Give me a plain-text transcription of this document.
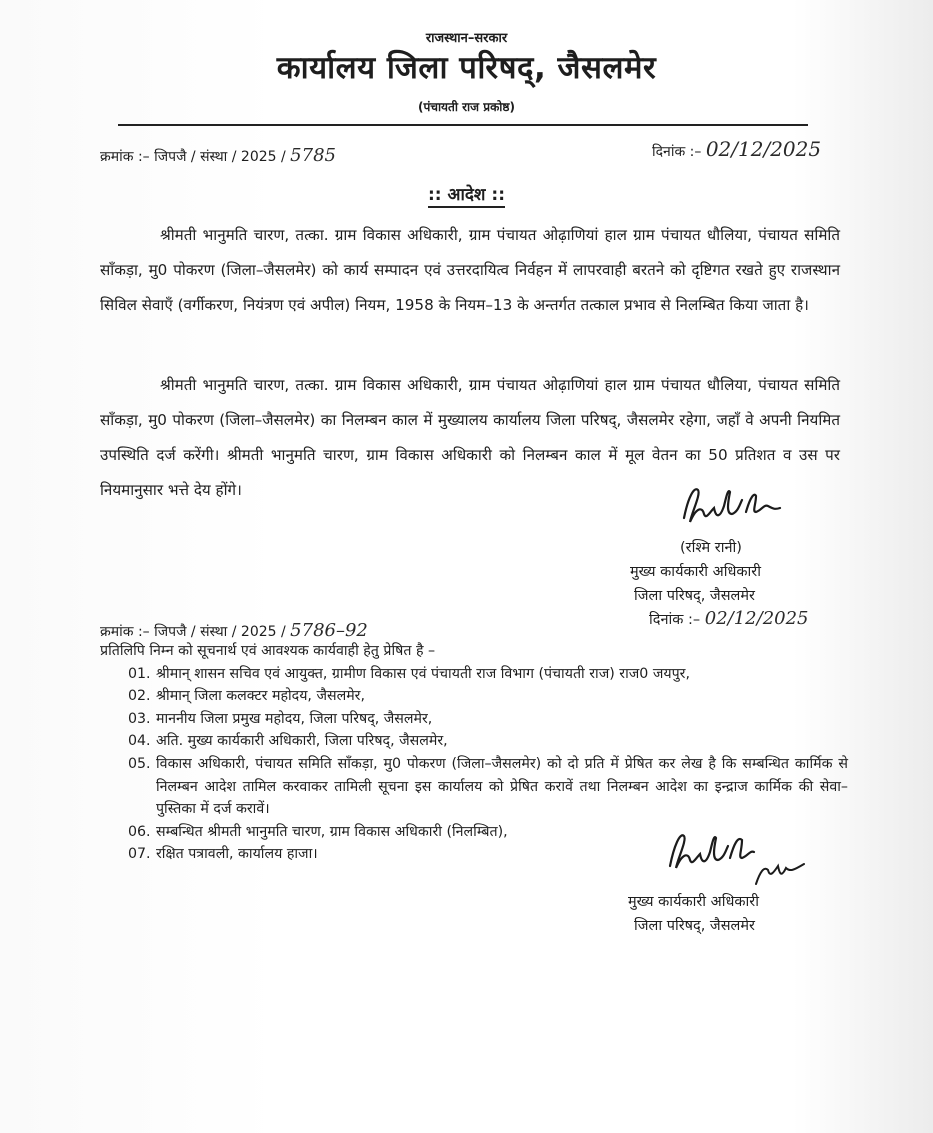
राजस्थान–सरकार
कार्यालय जिला परिषद्, जैसलमेर
(पंचायती राज प्रकोष्ठ)
क्रमांक :– जिपजै / संस्था / 2025 / 5785	दिनांक :– 02/12/2025
:: आदेश ::
श्रीमती भानुमति चारण, तत्का. ग्राम विकास अधिकारी, ग्राम पंचायत ओढ़ाणियां हाल ग्राम पंचायत धौलिया, पंचायत समिति साँकड़ा, मु0 पोकरण (जिला–जैसलमेर) को कार्य सम्पादन एवं उत्तरदायित्व निर्वहन में लापरवाही बरतने को दृष्टिगत रखते हुए राजस्थान सिविल सेवाएँ (वर्गीकरण, नियंत्रण एवं अपील) नियम, 1958 के नियम–13 के अन्तर्गत तत्काल प्रभाव से निलम्बित किया जाता है।
श्रीमती भानुमति चारण, तत्का. ग्राम विकास अधिकारी, ग्राम पंचायत ओढ़ाणियां हाल ग्राम पंचायत धौलिया, पंचायत समिति साँकड़ा, मु0 पोकरण (जिला–जैसलमेर) का निलम्बन काल में मुख्यालय कार्यालय जिला परिषद्, जैसलमेर रहेगा, जहाँ वे अपनी नियमित उपस्थिति दर्ज करेंगी। श्रीमती भानुमति चारण, ग्राम विकास अधिकारी को निलम्बन काल में मूल वेतन का 50 प्रतिशत व उस पर नियमानुसार भत्ते देय होंगे।
(रश्मि रानी)
मुख्य कार्यकारी अधिकारी
जिला परिषद्, जैसलमेर
दिनांक :– 02/12/2025
क्रमांक :– जिपजै / संस्था / 2025 / 5786–92
प्रतिलिपि निम्न को सूचनार्थ एवं आवश्यक कार्यवाही हेतु प्रेषित है –
01. श्रीमान् शासन सचिव एवं आयुक्त, ग्रामीण विकास एवं पंचायती राज विभाग (पंचायती राज) राज0 जयपुर,
02. श्रीमान् जिला कलक्टर महोदय, जैसलमेर,
03. माननीय जिला प्रमुख महोदय, जिला परिषद्, जैसलमेर,
04. अति. मुख्य कार्यकारी अधिकारी, जिला परिषद्, जैसलमेर,
05. विकास अधिकारी, पंचायत समिति साँकड़ा, मु0 पोकरण (जिला–जैसलमेर) को दो प्रति में प्रेषित कर लेख है कि सम्बन्धित कार्मिक से निलम्बन आदेश तामिल करवाकर तामिली सूचना इस कार्यालय को प्रेषित करावें तथा निलम्बन आदेश का इन्द्राज कार्मिक की सेवा–पुस्तिका में दर्ज करावें।
06. सम्बन्धित श्रीमती भानुमति चारण, ग्राम विकास अधिकारी (निलम्बित),
07. रक्षित पत्रावली, कार्यालय हाजा।
मुख्य कार्यकारी अधिकारी
जिला परिषद्, जैसलमेर
